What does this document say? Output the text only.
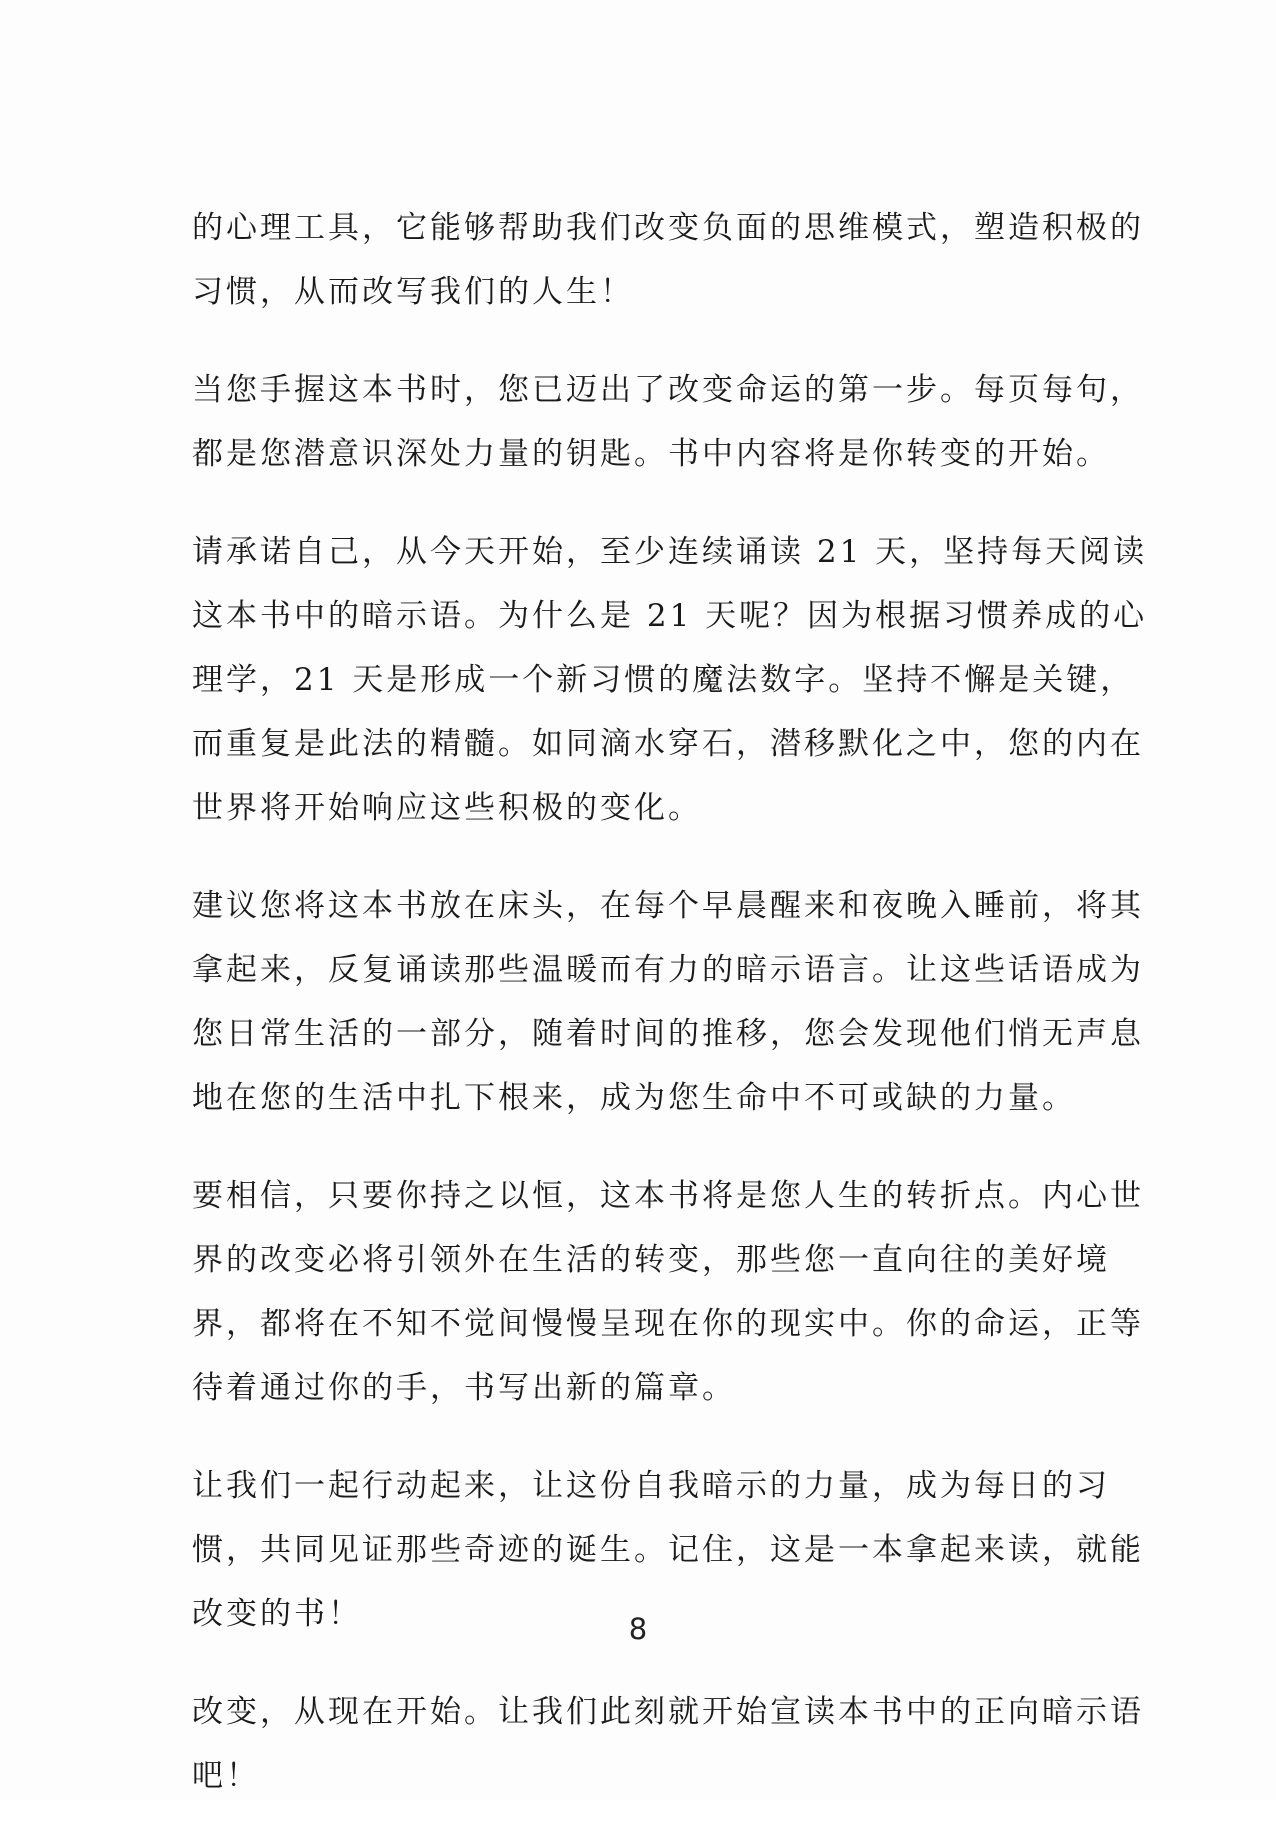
的心理工具，它能够帮助我们改变负面的思维模式，塑造积极的
习惯，从而改写我们的人生！

当您手握这本书时，您已迈出了改变命运的第一步。每页每句，
都是您潜意识深处力量的钥匙。书中内容将是你转变的开始。

请承诺自己，从今天开始，至少连续诵读 21 天，坚持每天阅读
这本书中的暗示语。为什么是 21 天呢？因为根据习惯养成的心
理学，21 天是形成一个新习惯的魔法数字。坚持不懈是关键，
而重复是此法的精髓。如同滴水穿石，潜移默化之中，您的内在
世界将开始响应这些积极的变化。

建议您将这本书放在床头，在每个早晨醒来和夜晚入睡前，将其
拿起来，反复诵读那些温暖而有力的暗示语言。让这些话语成为
您日常生活的一部分，随着时间的推移，您会发现他们悄无声息
地在您的生活中扎下根来，成为您生命中不可或缺的力量。

要相信，只要你持之以恒，这本书将是您人生的转折点。内心世
界的改变必将引领外在生活的转变，那些您一直向往的美好境
界，都将在不知不觉间慢慢呈现在你的现实中。你的命运，正等
待着通过你的手，书写出新的篇章。

让我们一起行动起来，让这份自我暗示的力量，成为每日的习
惯，共同见证那些奇迹的诞生。记住，这是一本拿起来读，就能
改变的书！

改变，从现在开始。让我们此刻就开始宣读本书中的正向暗示语
吧！

8
